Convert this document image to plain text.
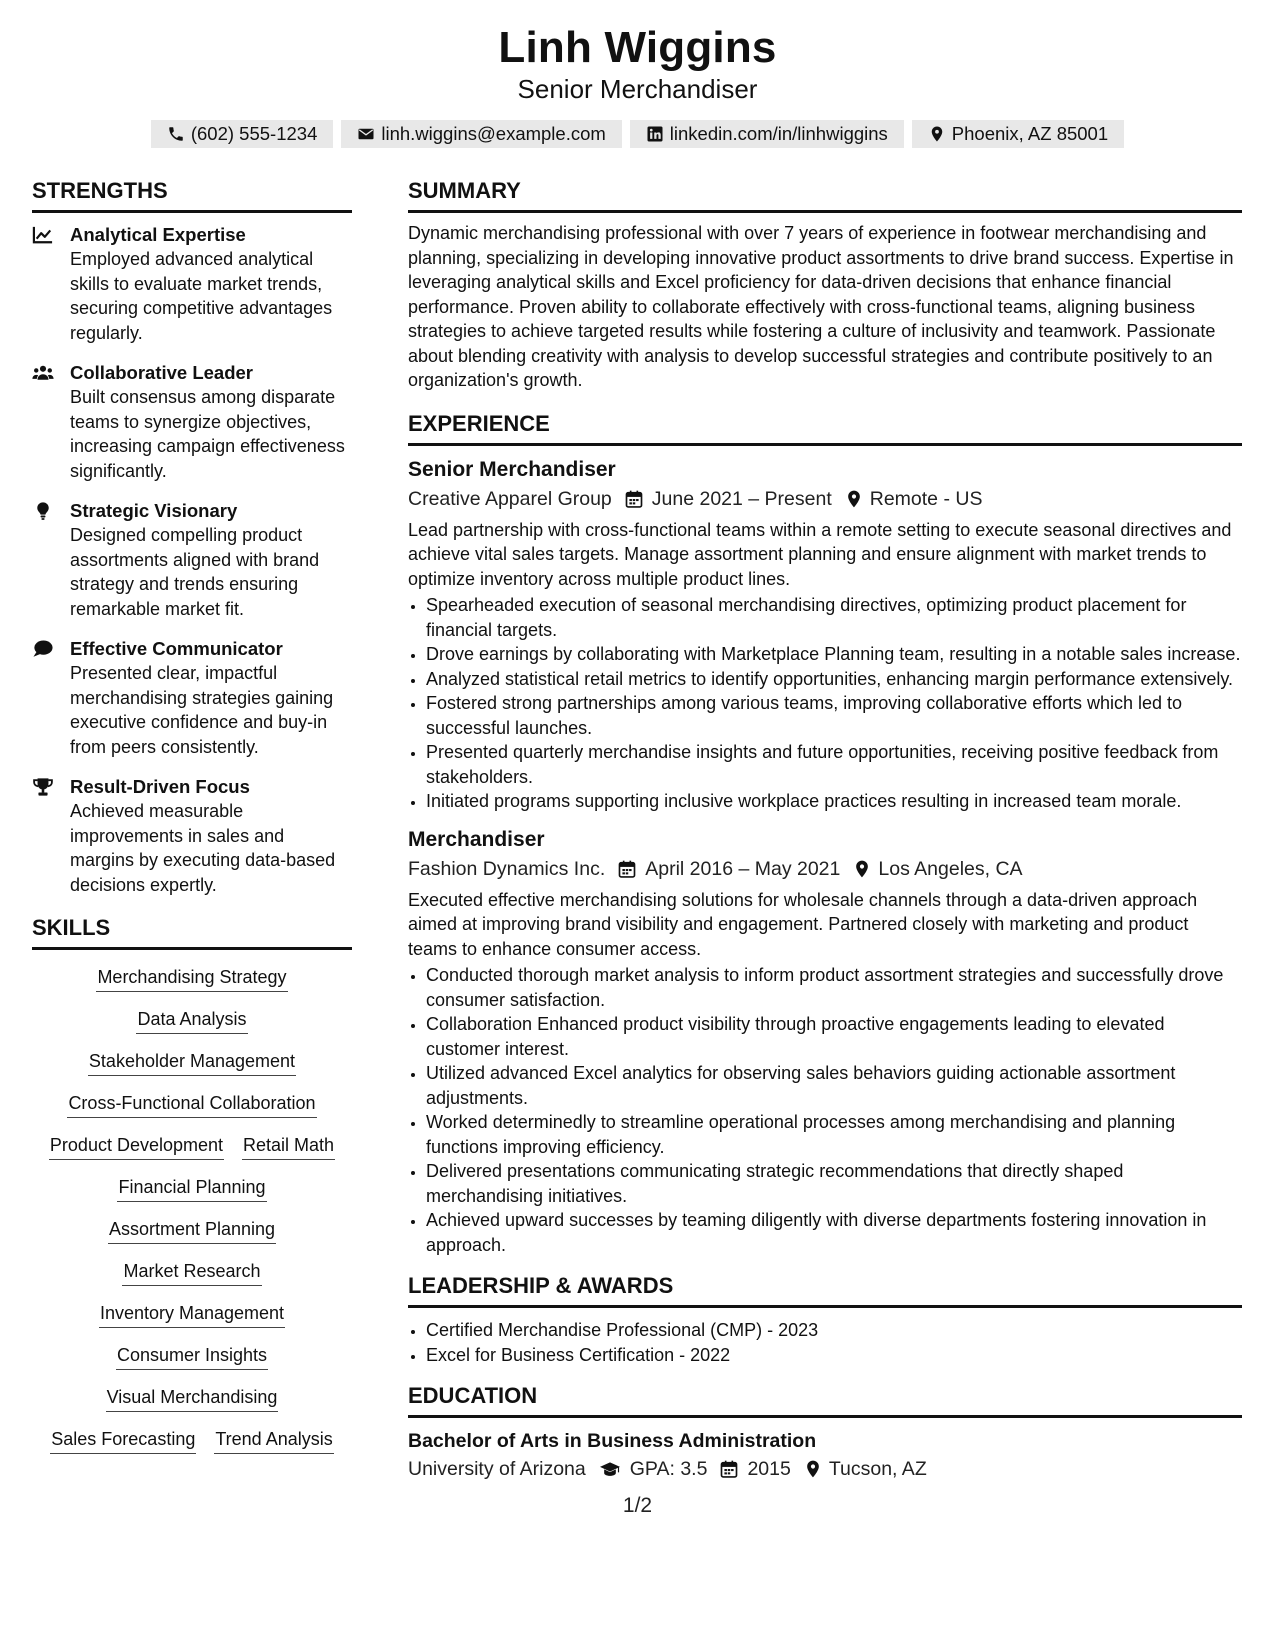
Linh Wiggins
Senior Merchandiser
(602) 555-1234	linh.wiggins@example.com	linkedin.com/in/linhwiggins	Phoenix, AZ 85001
STRENGTHS
Analytical Expertise
Employed advanced analytical skills to evaluate market trends, securing competitive advantages regularly.
Collaborative Leader
Built consensus among disparate teams to synergize objectives, increasing campaign effectiveness significantly.
Strategic Visionary
Designed compelling product assortments aligned with brand strategy and trends ensuring remarkable market fit.
Effective Communicator
Presented clear, impactful merchandising strategies gaining executive confidence and buy-in from peers consistently.
Result-Driven Focus
Achieved measurable improvements in sales and margins by executing data-based decisions expertly.
SKILLS
Merchandising Strategy
Data Analysis
Stakeholder Management
Cross-Functional Collaboration
Product Development Retail Math
Financial Planning
Assortment Planning
Market Research
Inventory Management
Consumer Insights
Visual Merchandising
Sales Forecasting Trend Analysis
SUMMARY
Dynamic merchandising professional with over 7 years of experience in footwear merchandising and planning, specializing in developing innovative product assortments to drive brand success. Expertise in leveraging analytical skills and Excel proficiency for data-driven decisions that enhance financial performance. Proven ability to collaborate effectively with cross-functional teams, aligning business strategies to achieve targeted results while fostering a culture of inclusivity and teamwork. Passionate about blending creativity with analysis to develop successful strategies and contribute positively to an organization's growth.
EXPERIENCE
Senior Merchandiser
Creative Apparel Group June 2021 – Present Remote - US
Lead partnership with cross-functional teams within a remote setting to execute seasonal directives and achieve vital sales targets. Manage assortment planning and ensure alignment with market trends to optimize inventory across multiple product lines.
• Spearheaded execution of seasonal merchandising directives, optimizing product placement for financial targets.
• Drove earnings by collaborating with Marketplace Planning team, resulting in a notable sales increase.
• Analyzed statistical retail metrics to identify opportunities, enhancing margin performance extensively.
• Fostered strong partnerships among various teams, improving collaborative efforts which led to successful launches.
• Presented quarterly merchandise insights and future opportunities, receiving positive feedback from stakeholders.
• Initiated programs supporting inclusive workplace practices resulting in increased team morale.
Merchandiser
Fashion Dynamics Inc. April 2016 – May 2021 Los Angeles, CA
Executed effective merchandising solutions for wholesale channels through a data-driven approach aimed at improving brand visibility and engagement. Partnered closely with marketing and product teams to enhance consumer access.
• Conducted thorough market analysis to inform product assortment strategies and successfully drove consumer satisfaction.
• Collaboration Enhanced product visibility through proactive engagements leading to elevated customer interest.
• Utilized advanced Excel analytics for observing sales behaviors guiding actionable assortment adjustments.
• Worked determinedly to streamline operational processes among merchandising and planning functions improving efficiency.
• Delivered presentations communicating strategic recommendations that directly shaped merchandising initiatives.
• Achieved upward successes by teaming diligently with diverse departments fostering innovation in approach.
LEADERSHIP & AWARDS
• Certified Merchandise Professional (CMP) - 2023
• Excel for Business Certification - 2022
EDUCATION
Bachelor of Arts in Business Administration
University of Arizona GPA: 3.5 2015 Tucson, AZ
1/2
